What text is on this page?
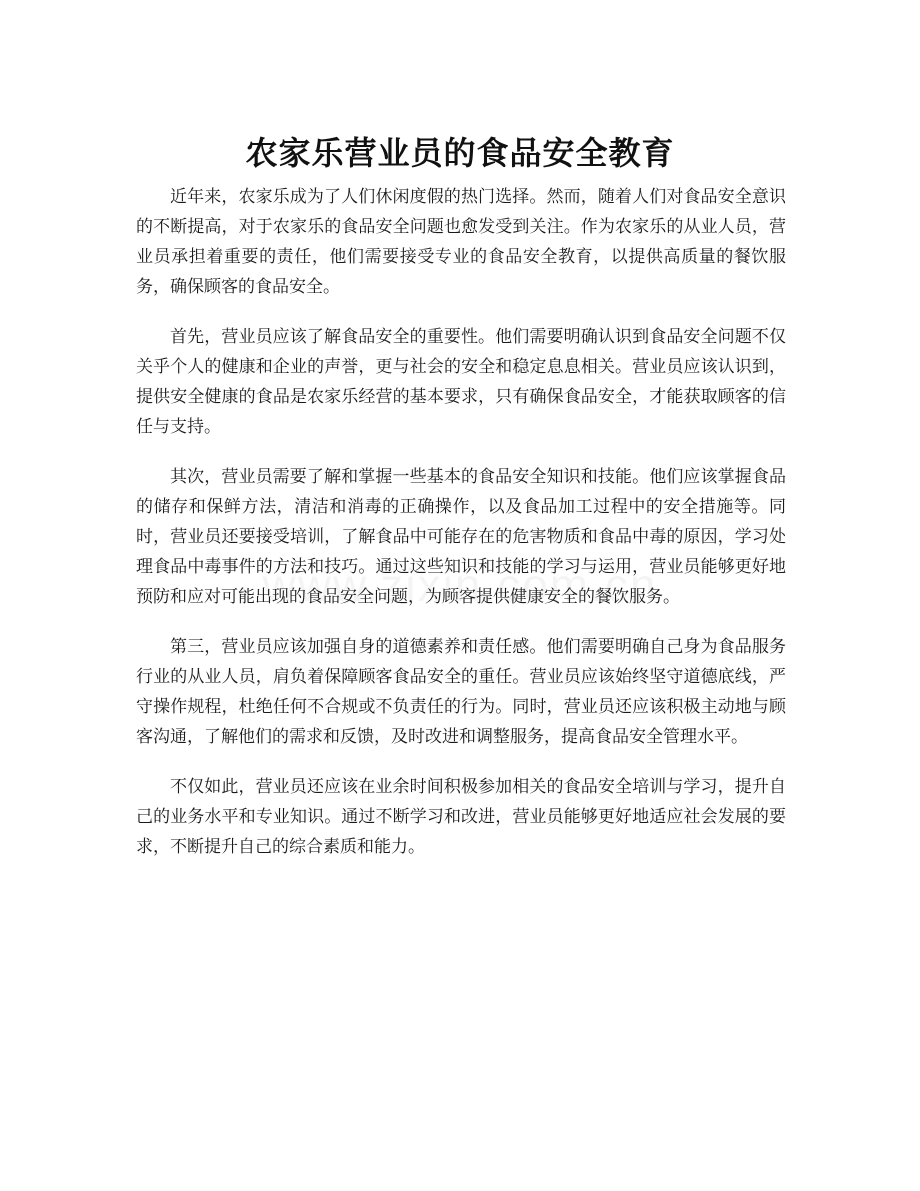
农家乐营业员的食品安全教育

近年来，农家乐成为了人们休闲度假的热门选择。然而，随着人们对食品安全意识的不断提高，对于农家乐的食品安全问题也愈发受到关注。作为农家乐的从业人员，营业员承担着重要的责任，他们需要接受专业的食品安全教育，以提供高质量的餐饮服务，确保顾客的食品安全。

首先，营业员应该了解食品安全的重要性。他们需要明确认识到食品安全问题不仅关乎个人的健康和企业的声誉，更与社会的安全和稳定息息相关。营业员应该认识到，提供安全健康的食品是农家乐经营的基本要求，只有确保食品安全，才能获取顾客的信任与支持。

其次，营业员需要了解和掌握一些基本的食品安全知识和技能。他们应该掌握食品的储存和保鲜方法，清洁和消毒的正确操作，以及食品加工过程中的安全措施等。同时，营业员还要接受培训，了解食品中可能存在的危害物质和食品中毒的原因，学习处理食品中毒事件的方法和技巧。通过这些知识和技能的学习与运用，营业员能够更好地预防和应对可能出现的食品安全问题，为顾客提供健康安全的餐饮服务。

第三，营业员应该加强自身的道德素养和责任感。他们需要明确自己身为食品服务行业的从业人员，肩负着保障顾客食品安全的重任。营业员应该始终坚守道德底线，严守操作规程，杜绝任何不合规或不负责任的行为。同时，营业员还应该积极主动地与顾客沟通，了解他们的需求和反馈，及时改进和调整服务，提高食品安全管理水平。

不仅如此，营业员还应该在业余时间积极参加相关的食品安全培训与学习，提升自己的业务水平和专业知识。通过不断学习和改进，营业员能够更好地适应社会发展的要求，不断提升自己的综合素质和能力。
